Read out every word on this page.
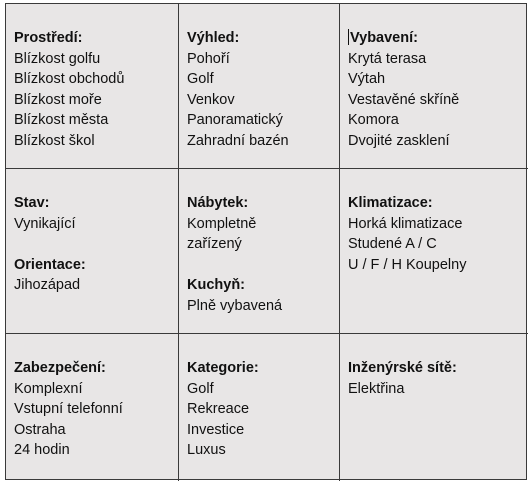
Prostředí:
Blízkost golfu
Blízkost obchodů
Blízkost moře
Blízkost města
Blízkost škol
Výhled:
Pohoří
Golf
Venkov
Panoramatický
Zahradní bazén
Vybavení:
Krytá terasa
Výtah
Vestavěné skříně
Komora
Dvojité zasklení
Stav:
Vynikající
Orientace:
Jihozápad
Nábytek:
Kompletně
zařízený
Kuchyň:
Plně vybavená
Klimatizace:
Horká klimatizace
Studené A / C
U / F / H Koupelny
Zabezpečení:
Komplexní
Vstupní telefonní
Ostraha
24 hodin
Kategorie:
Golf
Rekreace
Investice
Luxus
Inženýrské sítě:
Elektřina
